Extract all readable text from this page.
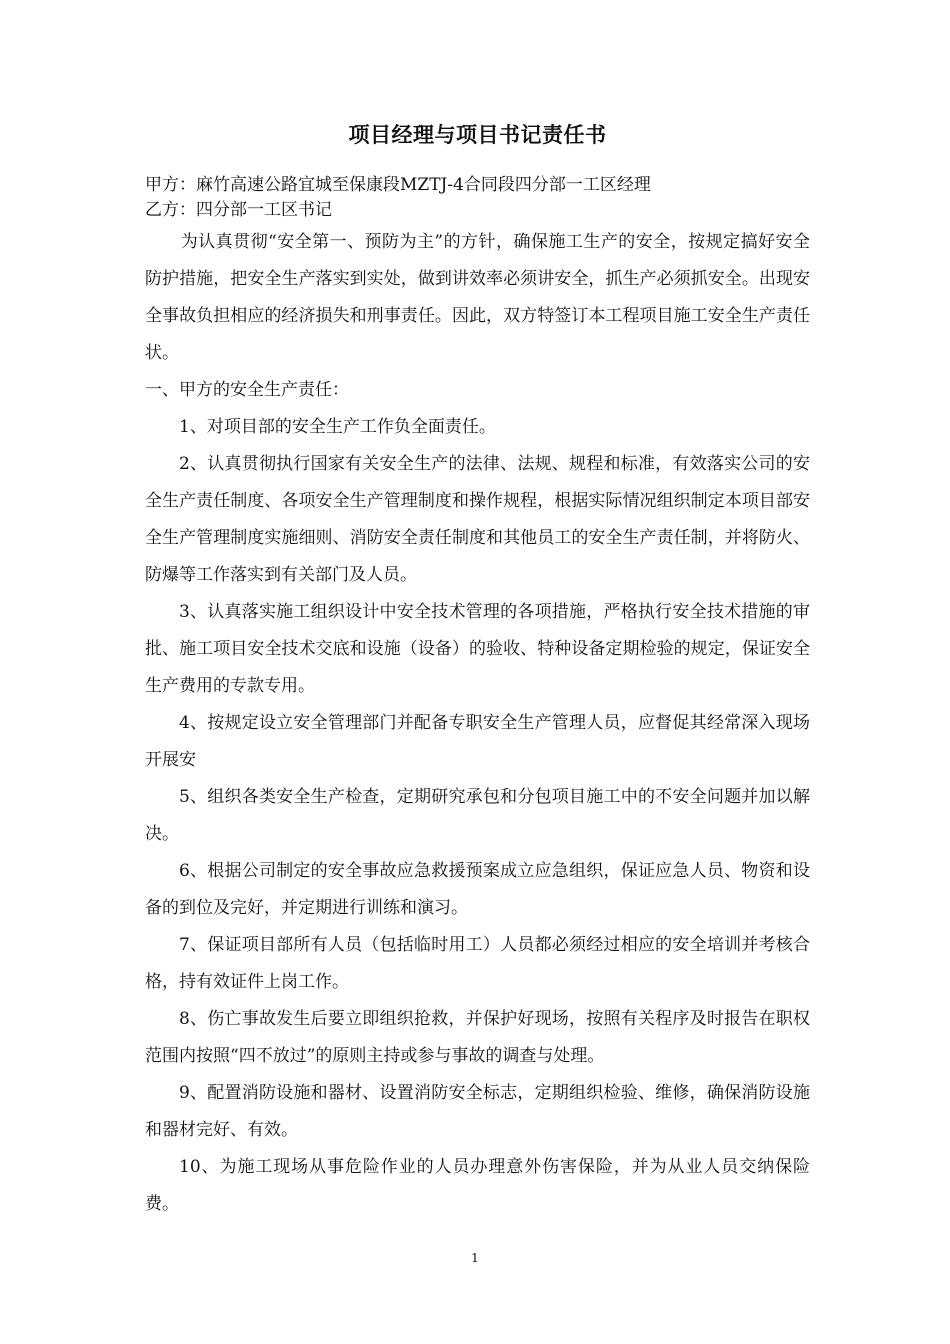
项目经理与项目书记责任书
甲方：麻竹高速公路宜城至保康段MZTJ-4合同段四分部一工区经理
乙方：四分部一工区书记

为认真贯彻“安全第一、预防为主”的方针，确保施工生产的安全，按规定搞好安全防护措施，把安全生产落实到实处，做到讲效率必须讲安全，抓生产必须抓安全。出现安全事故负担相应的经济损失和刑事责任。因此，双方特签订本工程项目施工安全生产责任状。

一、甲方的安全生产责任：

1、对项目部的安全生产工作负全面责任。

2、认真贯彻执行国家有关安全生产的法律、法规、规程和标准，有效落实公司的安全生产责任制度、各项安全生产管理制度和操作规程，根据实际情况组织制定本项目部安全生产管理制度实施细则、消防安全责任制度和其他员工的安全生产责任制，并将防火、防爆等工作落实到有关部门及人员。

3、认真落实施工组织设计中安全技术管理的各项措施，严格执行安全技术措施的审批、施工项目安全技术交底和设施（设备）的验收、特种设备定期检验的规定，保证安全生产费用的专款专用。

4、按规定设立安全管理部门并配备专职安全生产管理人员，应督促其经常深入现场开展安

5、组织各类安全生产检查，定期研究承包和分包项目施工中的不安全问题并加以解决。

6、根据公司制定的安全事故应急救援预案成立应急组织，保证应急人员、物资和设备的到位及完好，并定期进行训练和演习。

7、保证项目部所有人员（包括临时用工）人员都必须经过相应的安全培训并考核合格，持有效证件上岗工作。

8、伤亡事故发生后要立即组织抢救，并保护好现场，按照有关程序及时报告在职权范围内按照“四不放过”的原则主持或参与事故的调查与处理。

9、配置消防设施和器材、设置消防安全标志，定期组织检验、维修，确保消防设施和器材完好、有效。

10、为施工现场从事危险作业的人员办理意外伤害保险，并为从业人员交纳保险费。

1
